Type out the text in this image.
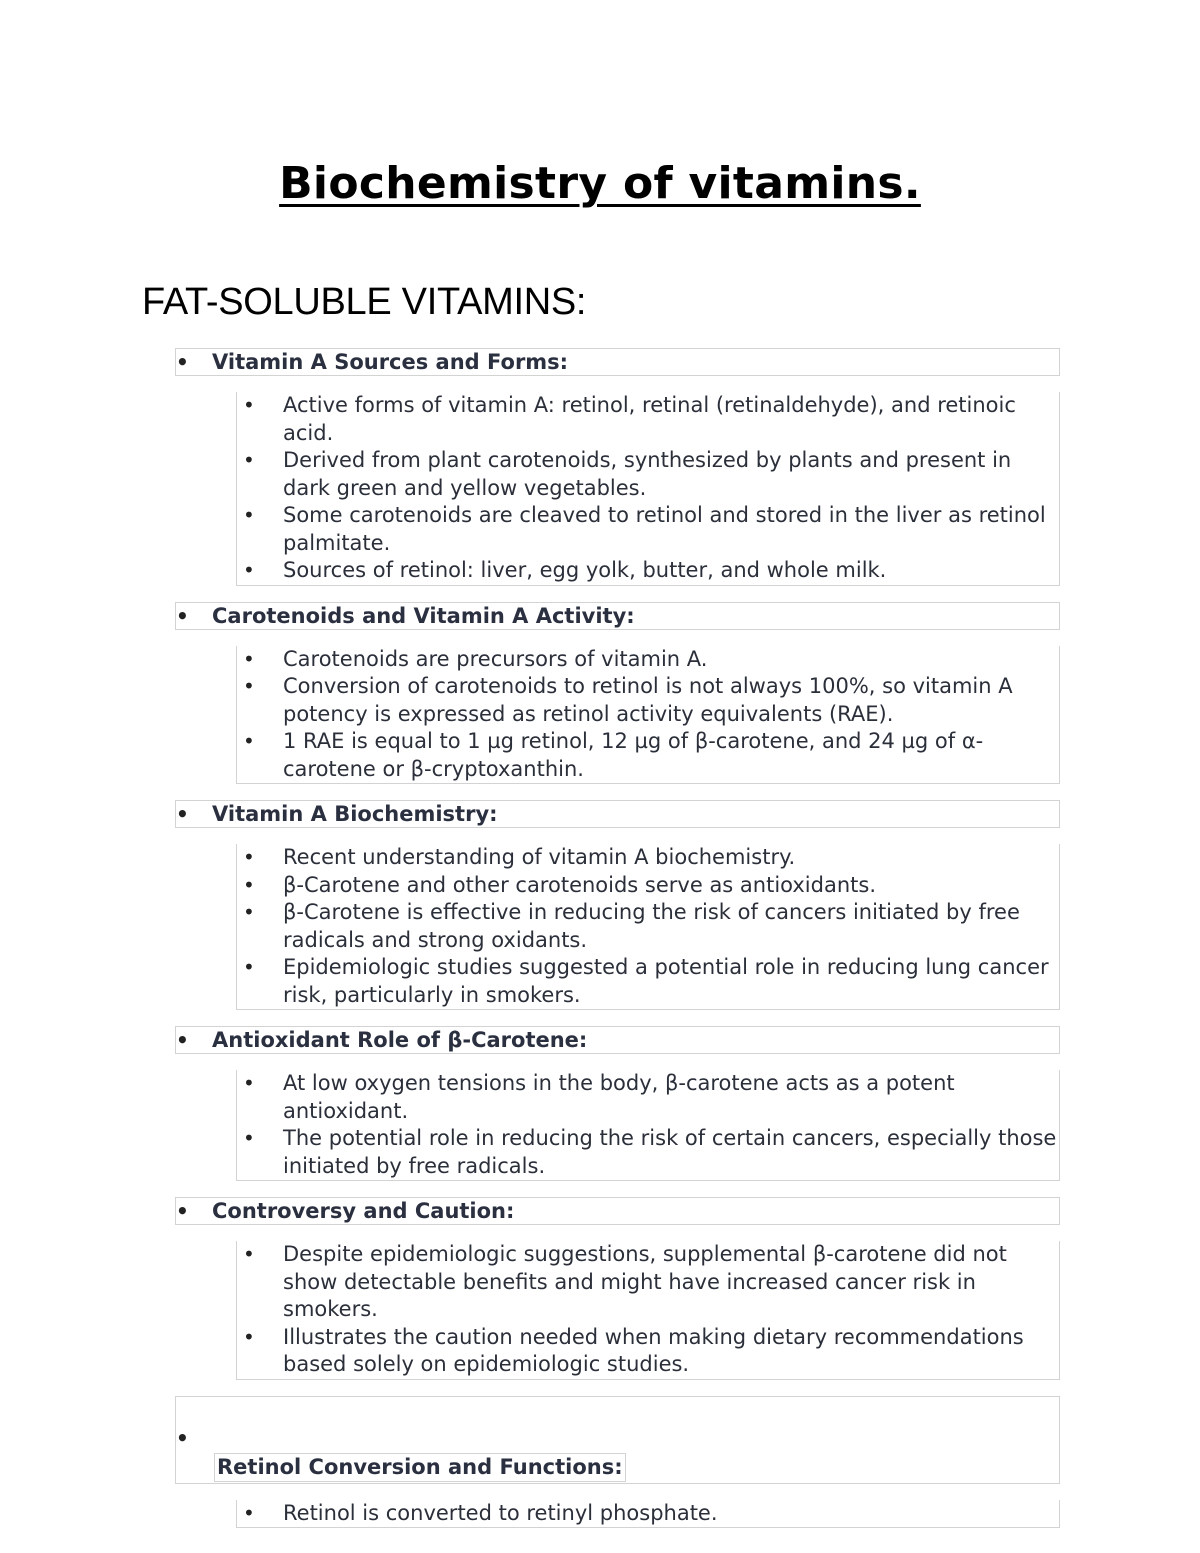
Biochemistry of vitamins.
FAT-SOLUBLE VITAMINS:
• Vitamin A Sources and Forms:
• Active forms of vitamin A: retinol, retinal (retinaldehyde), and retinoic acid.
• Derived from plant carotenoids, synthesized by plants and present in dark green and yellow vegetables.
• Some carotenoids are cleaved to retinol and stored in the liver as retinol palmitate.
• Sources of retinol: liver, egg yolk, butter, and whole milk.
• Carotenoids and Vitamin A Activity:
• Carotenoids are precursors of vitamin A.
• Conversion of carotenoids to retinol is not always 100%, so vitamin A potency is expressed as retinol activity equivalents (RAE).
• 1 RAE is equal to 1 µg retinol, 12 µg of β-carotene, and 24 µg of α-carotene or β-cryptoxanthin.
• Vitamin A Biochemistry:
• Recent understanding of vitamin A biochemistry.
• β-Carotene and other carotenoids serve as antioxidants.
• β-Carotene is effective in reducing the risk of cancers initiated by free radicals and strong oxidants.
• Epidemiologic studies suggested a potential role in reducing lung cancer risk, particularly in smokers.
• Antioxidant Role of β-Carotene:
• At low oxygen tensions in the body, β-carotene acts as a potent antioxidant.
• The potential role in reducing the risk of certain cancers, especially those initiated by free radicals.
• Controversy and Caution:
• Despite epidemiologic suggestions, supplemental β-carotene did not show detectable benefits and might have increased cancer risk in smokers.
• Illustrates the caution needed when making dietary recommendations based solely on epidemiologic studies.
•
Retinol Conversion and Functions:
• Retinol is converted to retinyl phosphate.
